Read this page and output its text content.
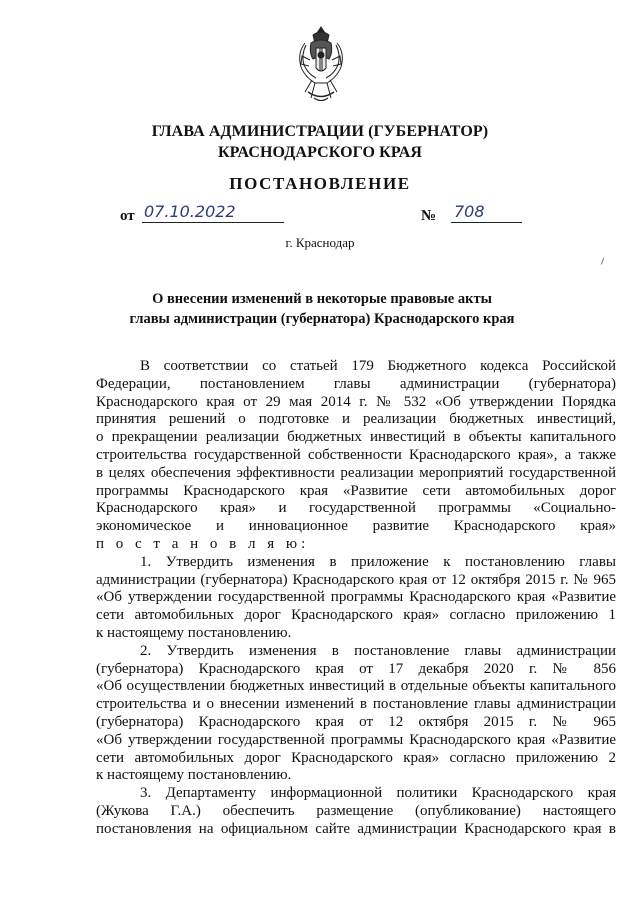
ГЛАВА АДМИНИСТРАЦИИ (ГУБЕРНАТОР)
КРАСНОДАРСКОГО КРАЯ
ПОСТАНОВЛЕНИЕ
от 07.10.2022	№ 708
г. Краснодар
О внесении изменений в некоторые правовые акты
главы администрации (губернатора) Краснодарского края
В соответствии со статьей 179 Бюджетного кодекса Российской
Федерации, постановлением главы администрации (губернатора)
Краснодарского края от 29 мая 2014 г. № 532 «Об утверждении Порядка
принятия решений о подготовке и реализации бюджетных инвестиций,
о прекращении реализации бюджетных инвестиций в объекты капитального
строительства государственной собственности Краснодарского края», а также
в целях обеспечения эффективности реализации мероприятий государственной
программы Краснодарского края «Развитие сети автомобильных дорог
Краснодарского края» и государственной программы «Социально-
экономическое и инновационное развитие Краснодарского края»
п о с т а н о в л я ю:
1. Утвердить изменения в приложение к постановлению главы
администрации (губернатора) Краснодарского края от 12 октября 2015 г. № 965
«Об утверждении государственной программы Краснодарского края «Развитие
сети автомобильных дорог Краснодарского края» согласно приложению 1
к настоящему постановлению.
2. Утвердить изменения в постановление главы администрации
(губернатора) Краснодарского края от 17 декабря 2020 г. № 856
«Об осуществлении бюджетных инвестиций в отдельные объекты капитального
строительства и о внесении изменений в постановление главы администрации
(губернатора) Краснодарского края от 12 октября 2015 г. № 965
«Об утверждении государственной программы Краснодарского края «Развитие
сети автомобильных дорог Краснодарского края» согласно приложению 2
к настоящему постановлению.
3. Департаменту информационной политики Краснодарского края
(Жукова Г.А.) обеспечить размещение (опубликование) настоящего
постановления на официальном сайте администрации Краснодарского края в
